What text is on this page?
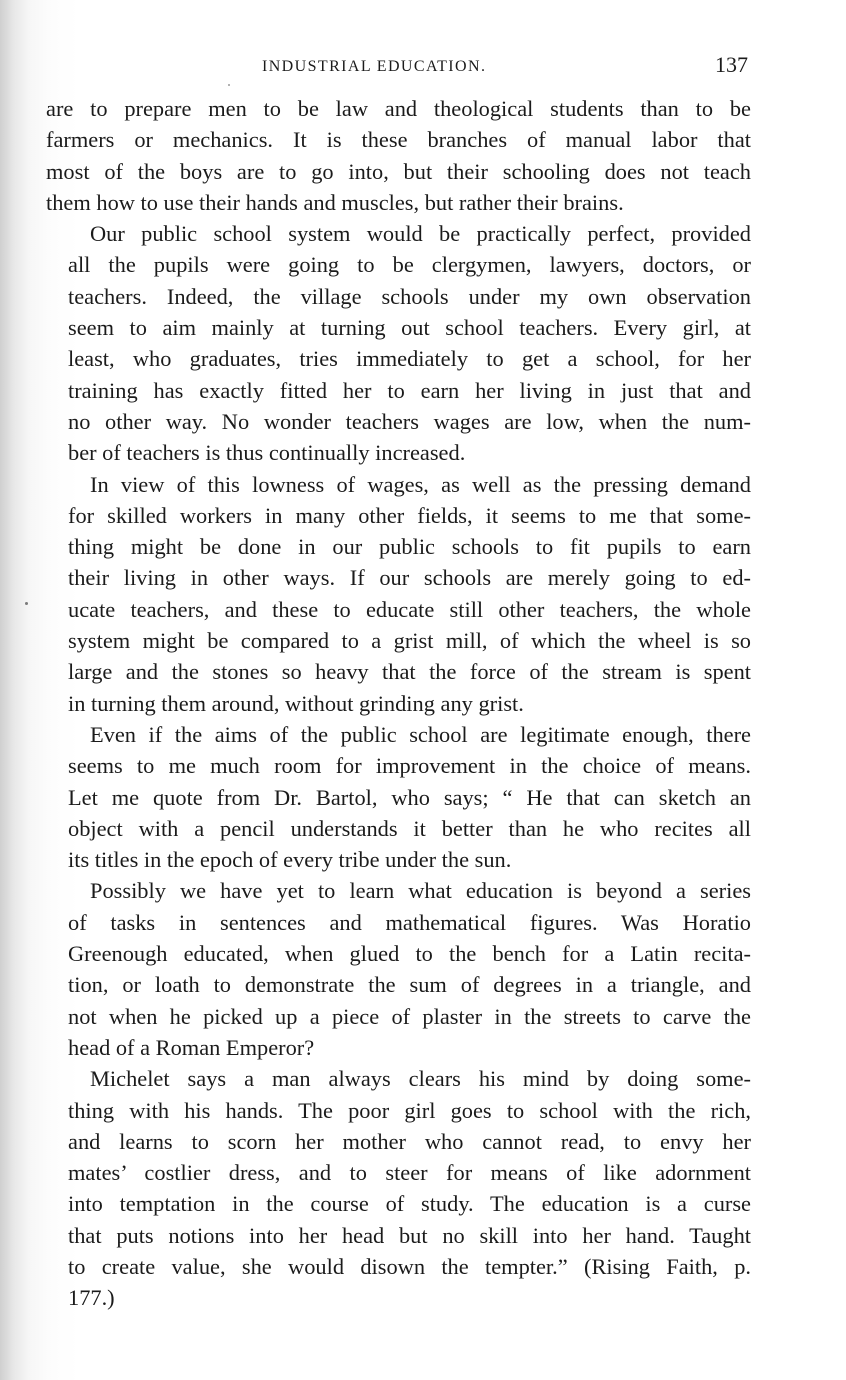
INDUSTRIAL EDUCATION.	137
are to prepare men to be law and theological students than to be
farmers or mechanics. It is these branches of manual labor that
most of the boys are to go into, but their schooling does not teach
them how to use their hands and muscles, but rather their brains.
Our public school system would be practically perfect, provided
all the pupils were going to be clergymen, lawyers, doctors, or
teachers. Indeed, the village schools under my own observation
seem to aim mainly at turning out school teachers. Every girl, at
least, who graduates, tries immediately to get a school, for her
training has exactly fitted her to earn her living in just that and
no other way. No wonder teachers wages are low, when the num-
ber of teachers is thus continually increased.
In view of this lowness of wages, as well as the pressing demand
for skilled workers in many other fields, it seems to me that some-
thing might be done in our public schools to fit pupils to earn
their living in other ways. If our schools are merely going to ed-
ucate teachers, and these to educate still other teachers, the whole
system might be compared to a grist mill, of which the wheel is so
large and the stones so heavy that the force of the stream is spent
in turning them around, without grinding any grist.
Even if the aims of the public school are legitimate enough, there
seems to me much room for improvement in the choice of means.
Let me quote from Dr. Bartol, who says; “ He that can sketch an
object with a pencil understands it better than he who recites all
its titles in the epoch of every tribe under the sun.
Possibly we have yet to learn what education is beyond a series
of tasks in sentences and mathematical figures. Was Horatio
Greenough educated, when glued to the bench for a Latin recita-
tion, or loath to demonstrate the sum of degrees in a triangle, and
not when he picked up a piece of plaster in the streets to carve the
head of a Roman Emperor?
Michelet says a man always clears his mind by doing some-
thing with his hands. The poor girl goes to school with the rich,
and learns to scorn her mother who cannot read, to envy her
mates’ costlier dress, and to steer for means of like adornment
into temptation in the course of study. The education is a curse
that puts notions into her head but no skill into her hand. Taught
to create value, she would disown the tempter.” (Rising Faith, p.
177.)
